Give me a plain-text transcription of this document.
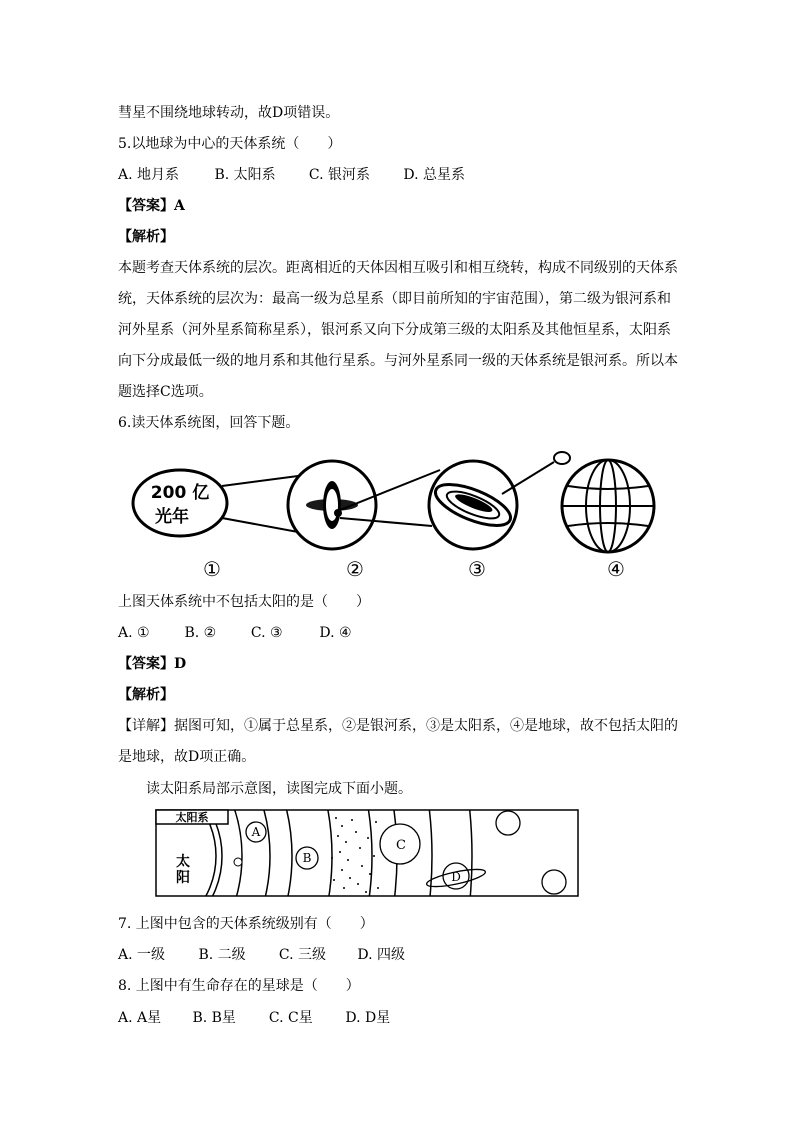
彗星不围绕地球转动，故D项错误。
5.以地球为中心的天体系统（　　）
A. 地月系	B. 太阳系 C. 银河系 D. 总星系
【答案】A
【解析】
本题考查天体系统的层次。距离相近的天体因相互吸引和相互绕转，构成不同级别的天体系
统，天体系统的层次为：最高一级为总星系（即目前所知的宇宙范围），第二级为银河系和
河外星系（河外星系简称星系），银河系又向下分成第三级的太阳系及其他恒星系，太阳系
向下分成最低一级的地月系和其他行星系。与河外星系同一级的天体系统是银河系。所以本
题选择C选项。
6.读天体系统图，回答下题。
200 亿
光年
①	②	③	④
上图天体系统中不包括太阳的是（　　）
A. ① B. ② C. ③	D. ④
【答案】D
【解析】
【详解】据图可知，①属于总星系，②是银河系，③是太阳系，④是地球，故不包括太阳的
是地球，故D项正确。
读太阳系局部示意图，读图完成下面小题。
太阳系
太
阳
A
B
C
D
7. 上图中包含的天体系统级别有（　　）
A. 一级 B. 二级 C. 三级 D. 四级
8. 上图中有生命存在的星球是（　　）
A. A星 B. B星 C. C星 D. D星
